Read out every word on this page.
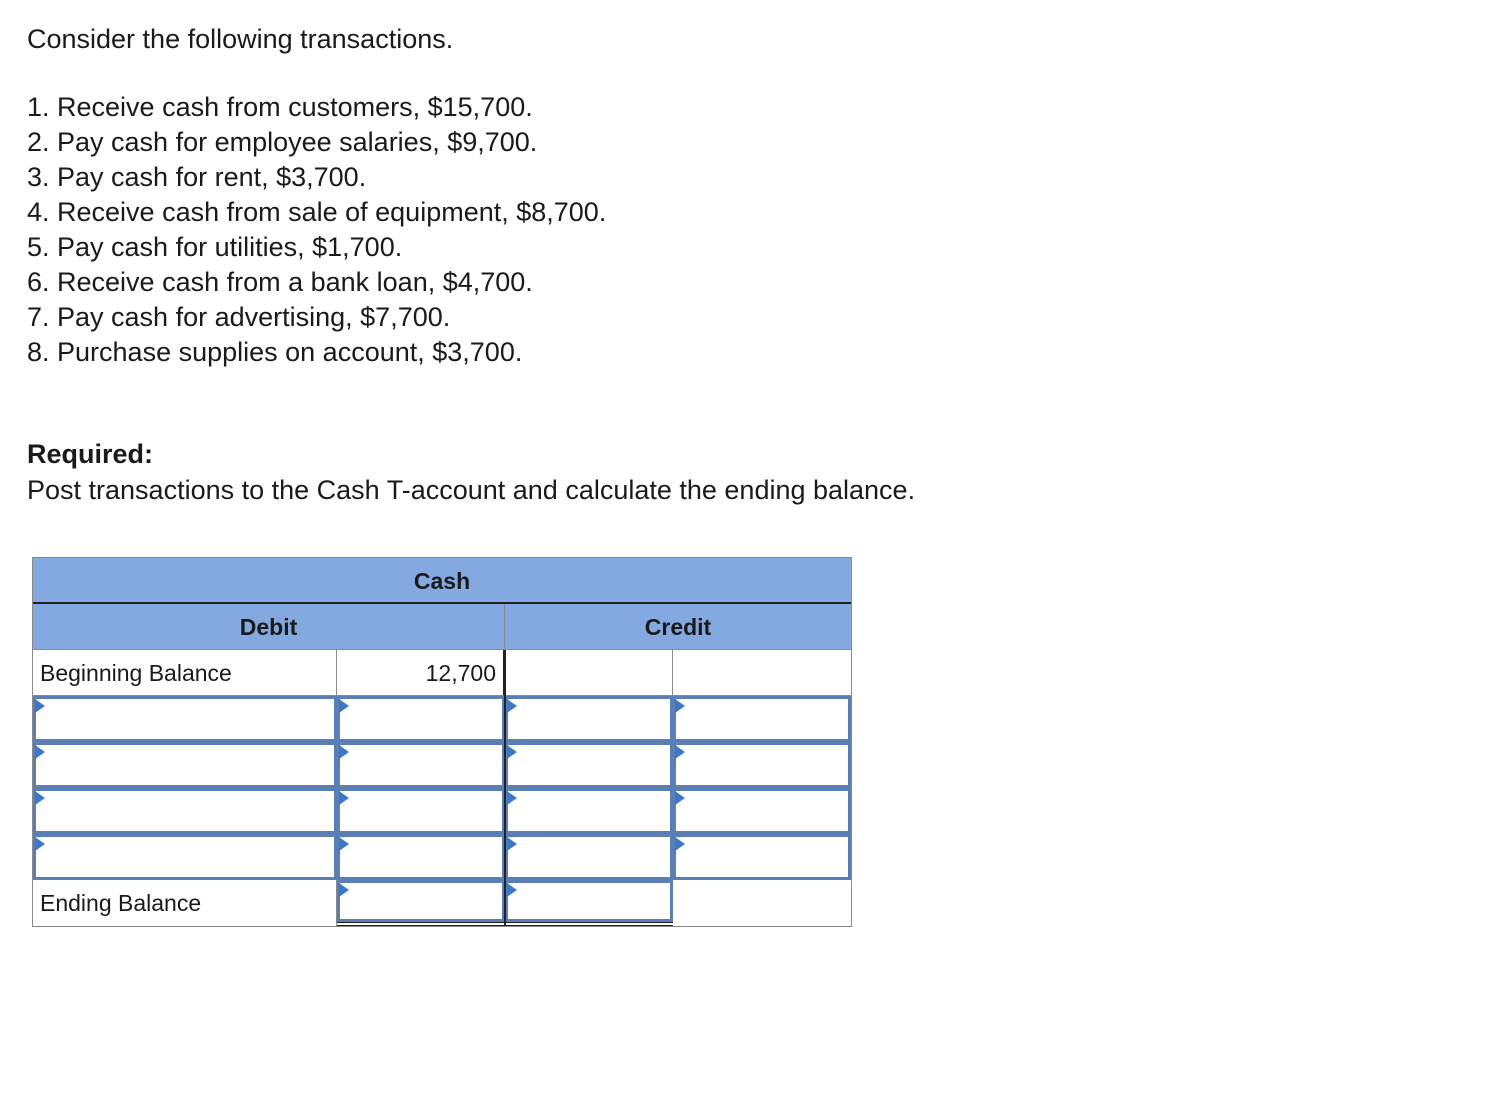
Consider the following transactions.

1. Receive cash from customers, $15,700.
2. Pay cash for employee salaries, $9,700.
3. Pay cash for rent, $3,700.
4. Receive cash from sale of equipment, $8,700.
5. Pay cash for utilities, $1,700.
6. Receive cash from a bank loan, $4,700.
7. Pay cash for advertising, $7,700.
8. Purchase supplies on account, $3,700.

Required:

Post transactions to the Cash T-account and calculate the ending balance.

Cash
Debit	Credit
Beginning Balance	12,700
Ending Balance
